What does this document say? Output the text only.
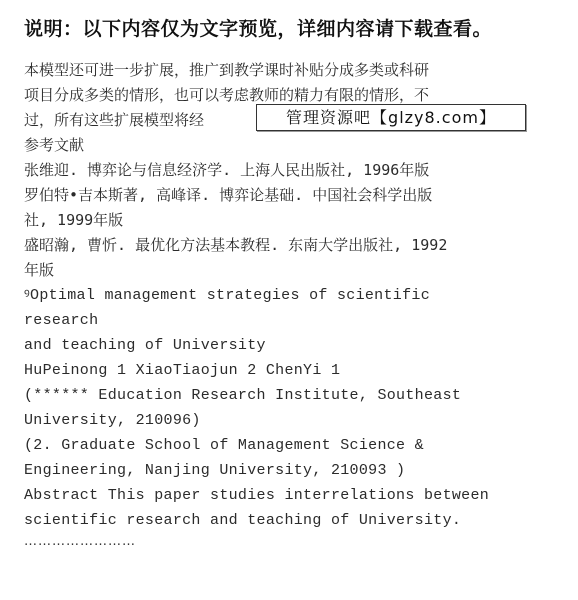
说明：以下内容仅为文字预览，详细内容请下载查看。
本模型还可进一步扩展，推广到教学课时补贴分成多类或科研
项目分成多类的情形，也可以考虑教师的精力有限的情形，不
过，所有这些扩展模型将经
参考文献
张维迎. 博弈论与信息经济学. 上海人民出版社, 1996年版
罗伯特•吉本斯著, 高峰译. 博弈论基础. 中国社会科学出版
社, 1999年版
盛昭瀚, 曹忻. 最优化方法基本教程. 东南大学出版社, 1992
年版
ꝰOptimal management strategies of scientific
research
and teaching of University
HuPeinong 1 XiaoTiaojun 2 ChenYi 1
(****** Education Research Institute, Southeast
University, 210096)
(2. Graduate School of Management Science &
Engineering, Nanjing University, 210093 )
Abstract This paper studies interrelations between
scientific research and teaching of University.
管理资源吧【glzy8.com】
……………………
